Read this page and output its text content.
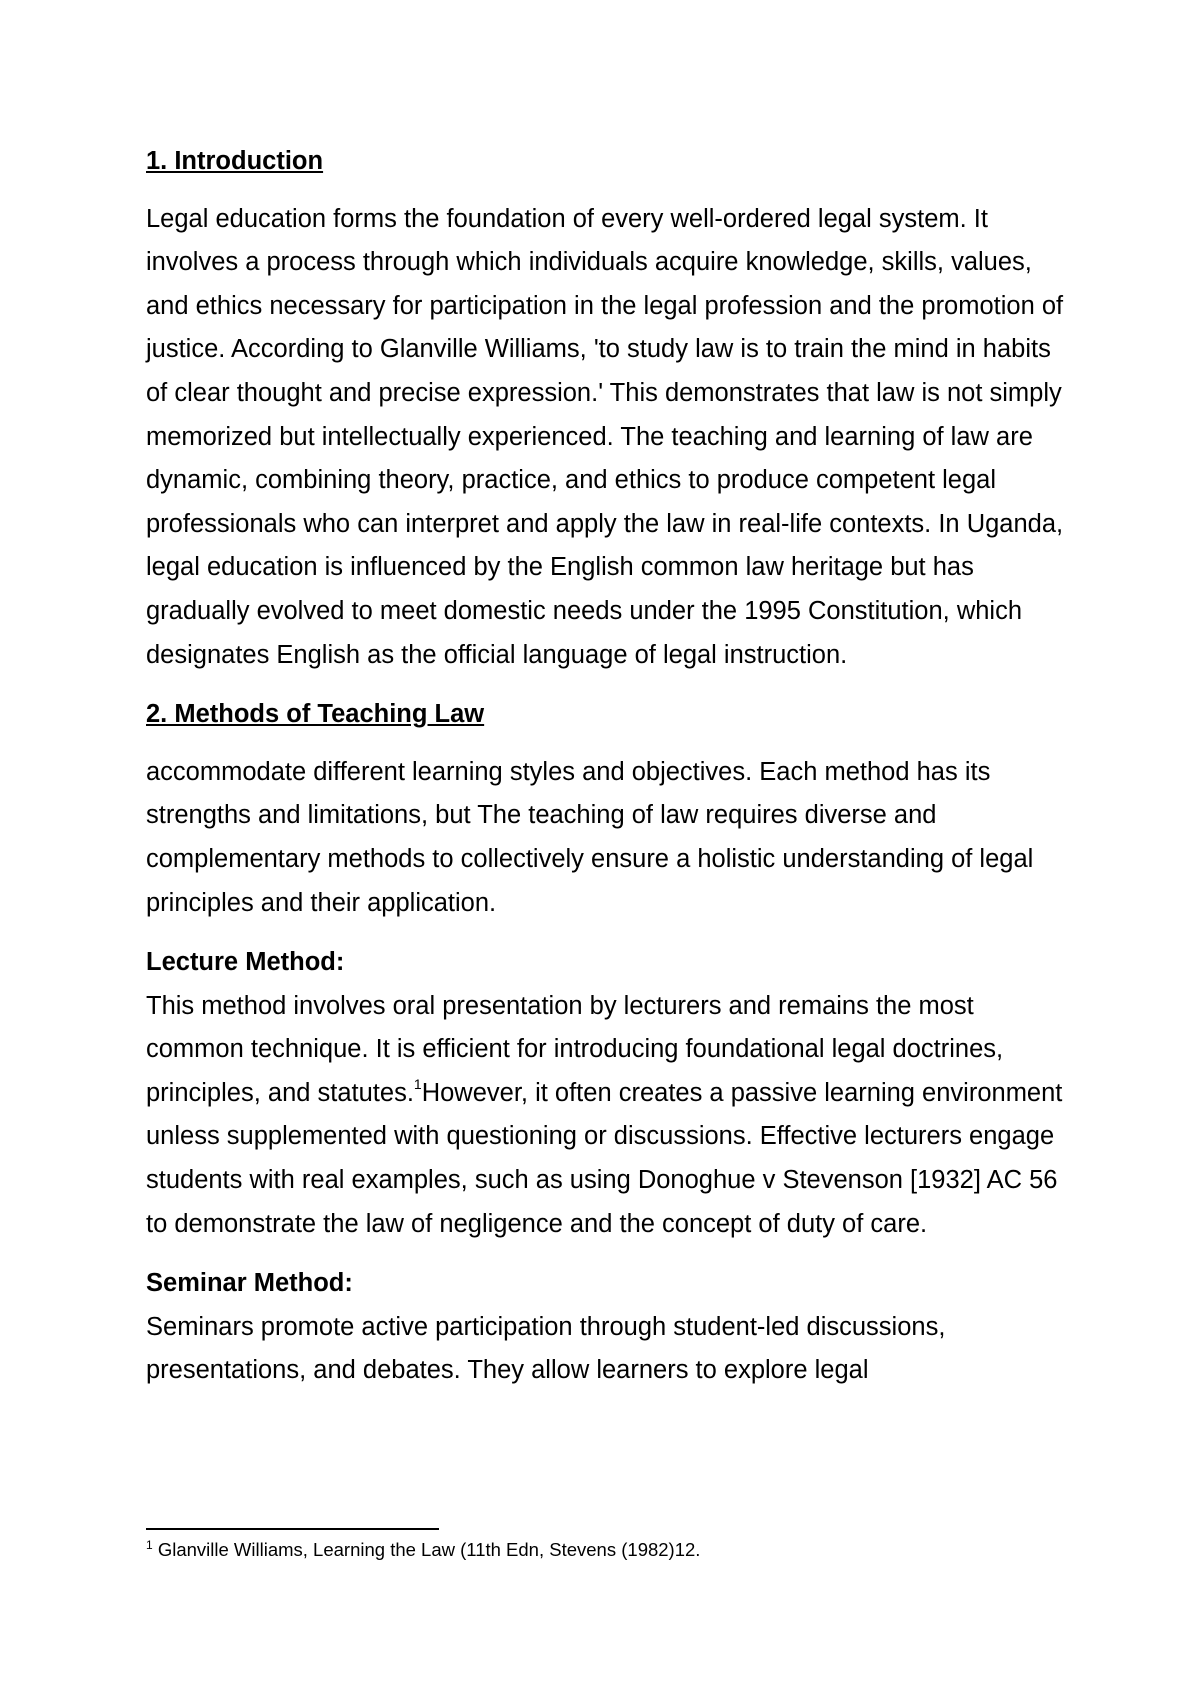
1. Introduction

Legal education forms the foundation of every well-ordered legal system. It involves a process through which individuals acquire knowledge, skills, values, and ethics necessary for participation in the legal profession and the promotion of justice. According to Glanville Williams, 'to study law is to train the mind in habits of clear thought and precise expression.' This demonstrates that law is not simply memorized but intellectually experienced. The teaching and learning of law are dynamic, combining theory, practice, and ethics to produce competent legal professionals who can interpret and apply the law in real-life contexts. In Uganda, legal education is influenced by the English common law heritage but has gradually evolved to meet domestic needs under the 1995 Constitution, which designates English as the official language of legal instruction.

2. Methods of Teaching Law

accommodate different learning styles and objectives. Each method has its strengths and limitations, but The teaching of law requires diverse and complementary methods to collectively ensure a holistic understanding of legal principles and their application.

Lecture Method:

This method involves oral presentation by lecturers and remains the most common technique. It is efficient for introducing foundational legal doctrines, principles, and statutes.$^1$However, it often creates a passive learning environment unless supplemented with questioning or discussions. Effective lecturers engage students with real examples, such as using Donoghue v Stevenson [1932] AC 56 to demonstrate the law of negligence and the concept of duty of care.

Seminar Method:

Seminars promote active participation through student-led discussions, presentations, and debates. They allow learners to explore legal

$^1$ Glanville Williams, Learning the Law (11th Edn, Stevens (1982)12.
